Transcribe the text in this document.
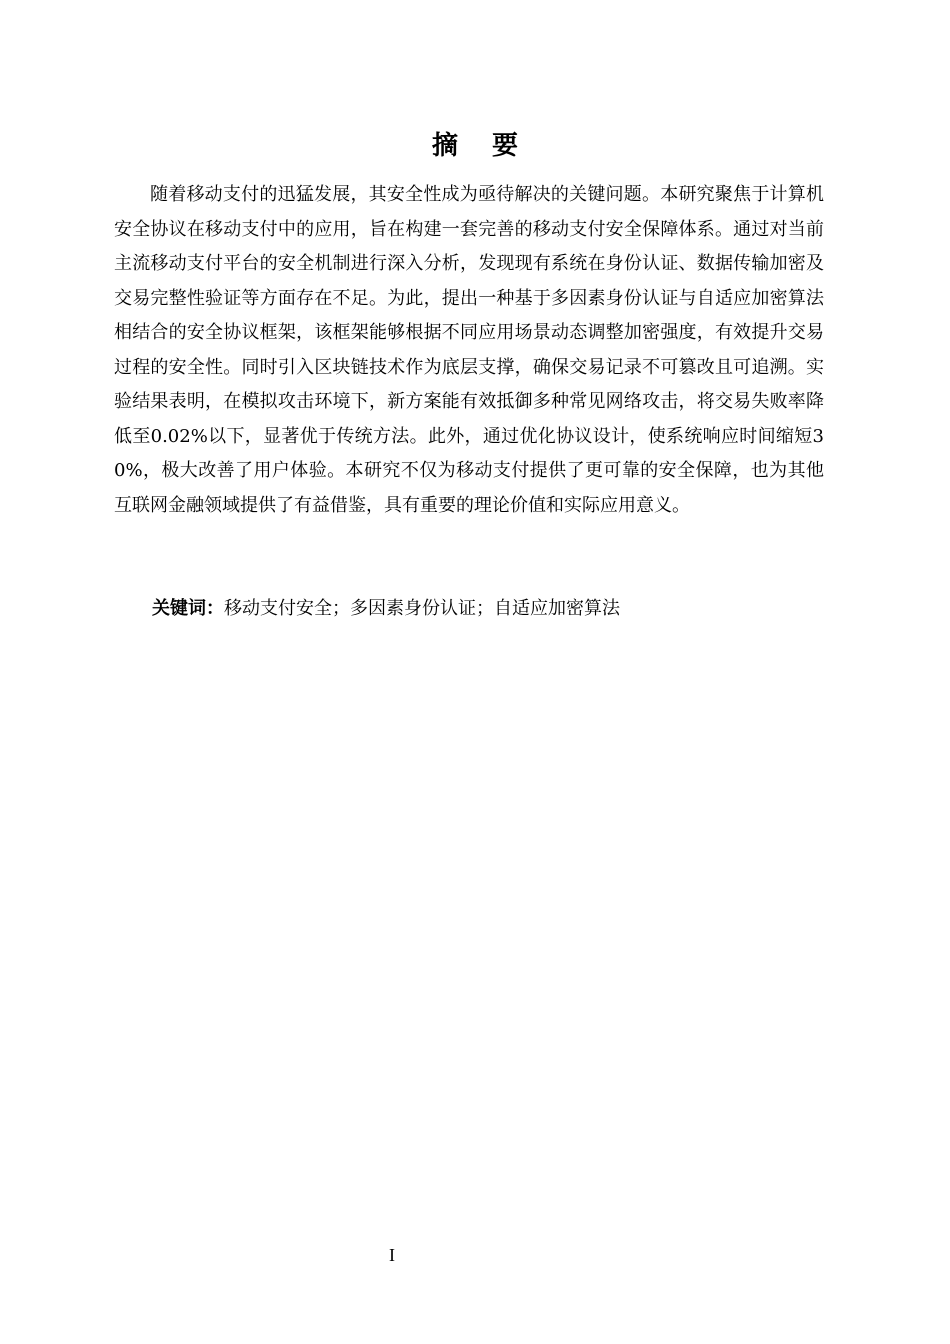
摘要

随着移动支付的迅猛发展，其安全性成为亟待解决的关键问题。本研究聚焦于计算机安全协议在移动支付中的应用，旨在构建一套完善的移动支付安全保障体系。通过对当前主流移动支付平台的安全机制进行深入分析，发现现有系统在身份认证、数据传输加密及交易完整性验证等方面存在不足。为此，提出一种基于多因素身份认证与自适应加密算法相结合的安全协议框架，该框架能够根据不同应用场景动态调整加密强度，有效提升交易过程的安全性。同时引入区块链技术作为底层支撑，确保交易记录不可篡改且可追溯。实验结果表明，在模拟攻击环境下，新方案能有效抵御多种常见网络攻击，将交易失败率降低至0.02%以下，显著优于传统方法。此外，通过优化协议设计，使系统响应时间缩短30%，极大改善了用户体验。本研究不仅为移动支付提供了更可靠的安全保障，也为其他互联网金融领域提供了有益借鉴，具有重要的理论价值和实际应用意义。

关键词：移动支付安全；多因素身份认证；自适应加密算法

I
